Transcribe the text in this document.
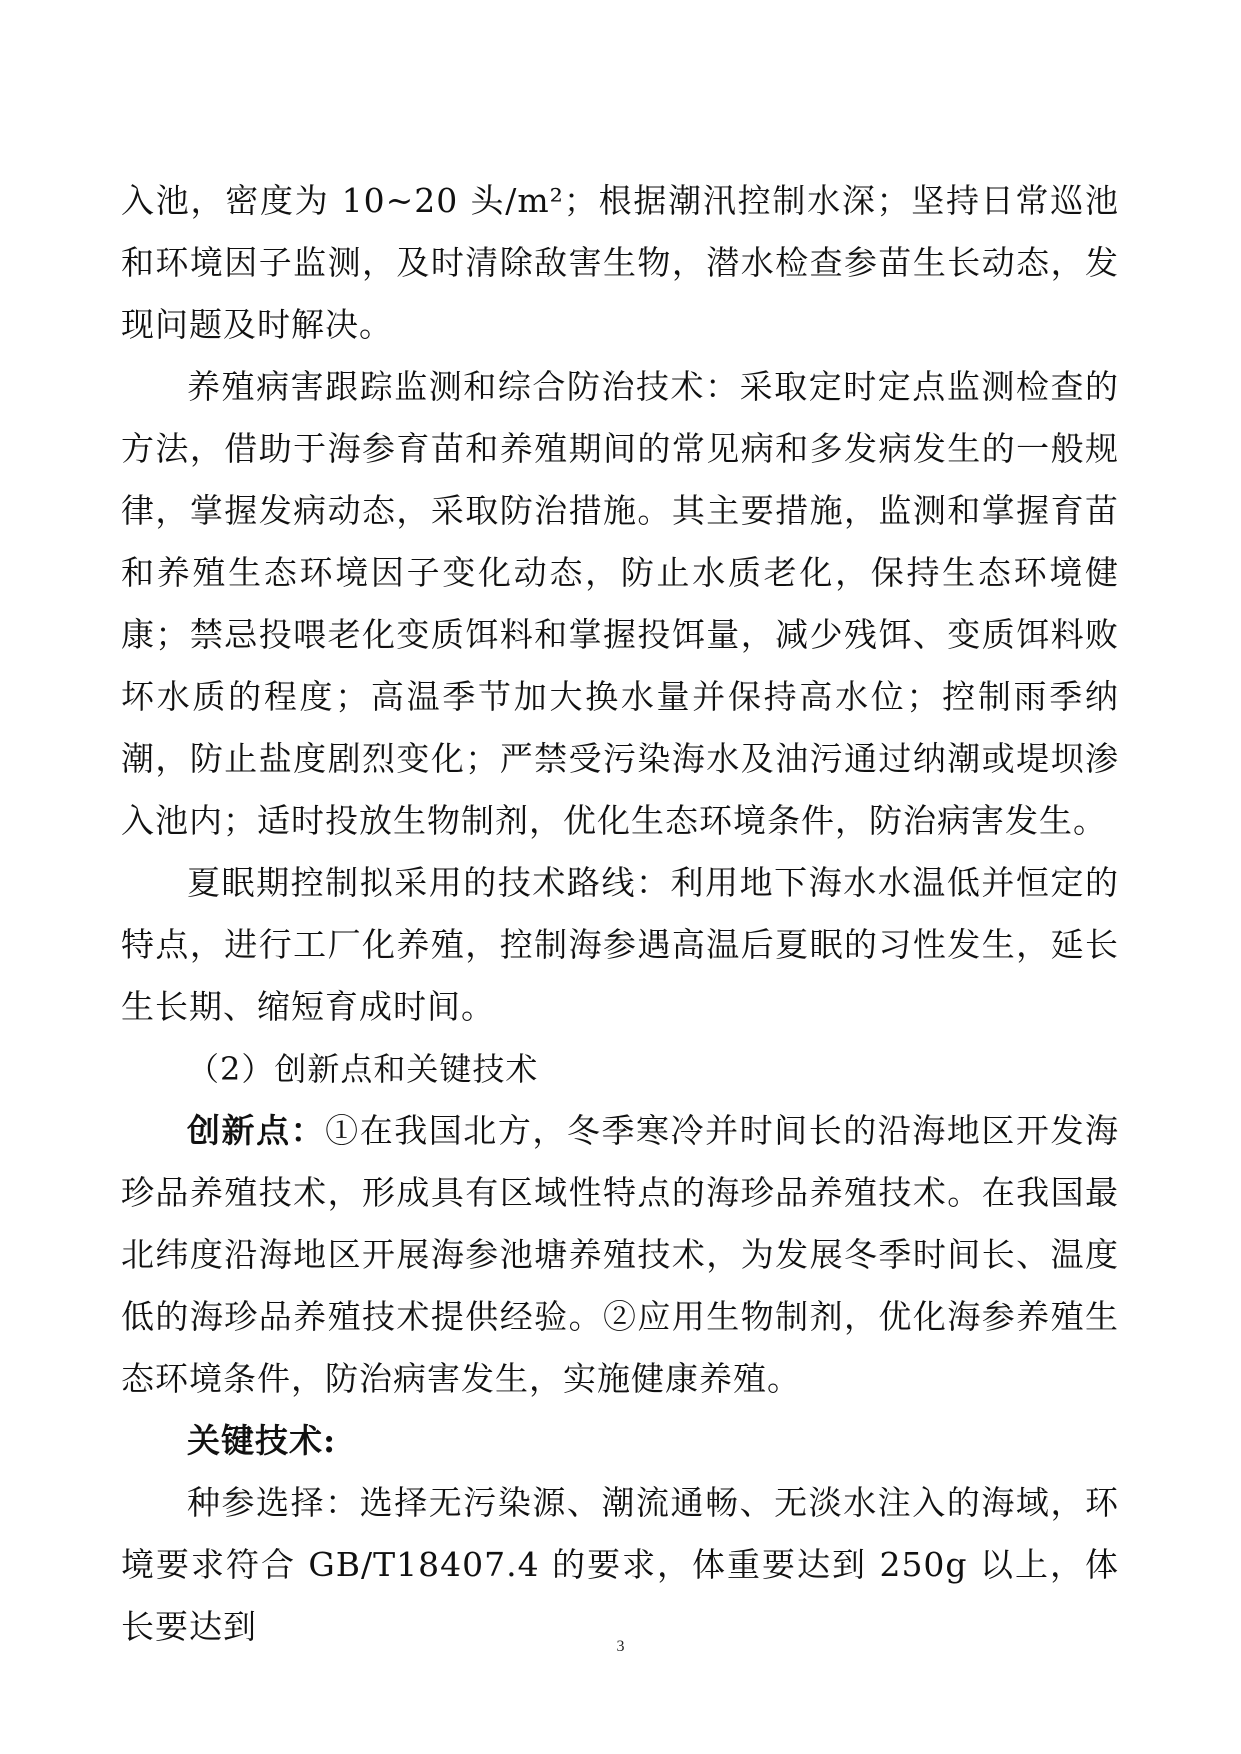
入池，密度为 10~20 头/m²；根据潮汛控制水深；坚持日常巡池和环境因子监测，及时清除敌害生物，潜水检查参苗生长动态，发现问题及时解决。

养殖病害跟踪监测和综合防治技术：采取定时定点监测检查的方法，借助于海参育苗和养殖期间的常见病和多发病发生的一般规律，掌握发病动态，采取防治措施。其主要措施，监测和掌握育苗和养殖生态环境因子变化动态，防止水质老化，保持生态环境健康；禁忌投喂老化变质饵料和掌握投饵量，减少残饵、变质饵料败坏水质的程度；高温季节加大换水量并保持高水位；控制雨季纳潮，防止盐度剧烈变化；严禁受污染海水及油污通过纳潮或堤坝渗入池内；适时投放生物制剂，优化生态环境条件，防治病害发生。

夏眠期控制拟采用的技术路线：利用地下海水水温低并恒定的特点，进行工厂化养殖，控制海参遇高温后夏眠的习性发生，延长生长期、缩短育成时间。

（2）创新点和关键技术

创新点：①在我国北方，冬季寒冷并时间长的沿海地区开发海珍品养殖技术，形成具有区域性特点的海珍品养殖技术。在我国最北纬度沿海地区开展海参池塘养殖技术，为发展冬季时间长、温度低的海珍品养殖技术提供经验。②应用生物制剂，优化海参养殖生态环境条件，防治病害发生，实施健康养殖。

关键技术:

种参选择：选择无污染源、潮流通畅、无淡水注入的海域，环境要求符合 GB/T18407.4 的要求，体重要达到 250g 以上，体长要达到

3
